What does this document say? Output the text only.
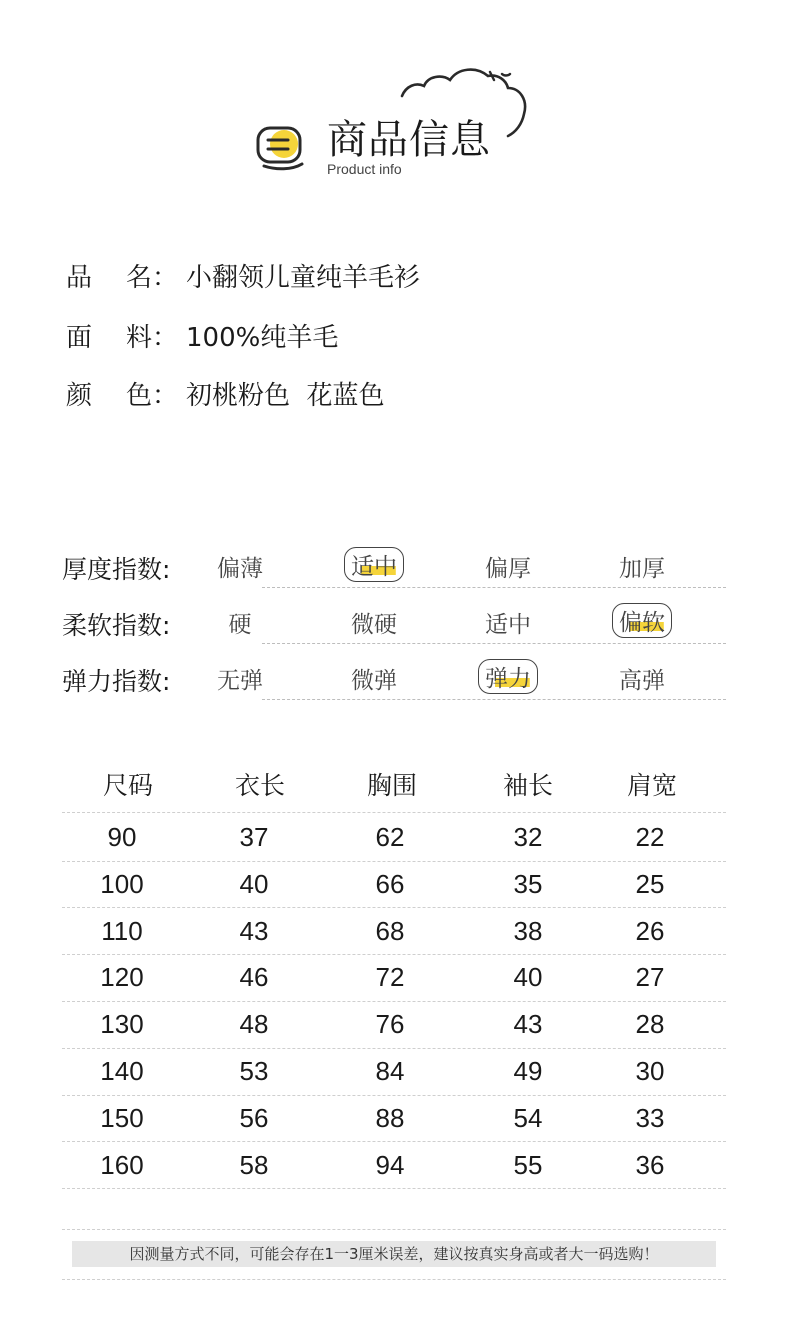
商品信息
Product info
品	名： 小翻领儿童纯羊毛衫
面	料： 100%纯羊毛
颜	色： 初桃粉色  花蓝色
厚度指数: 偏薄	适中	偏厚	加厚
柔软指数:	硬	微硬	适中	偏软
弹力指数: 无弹	微弹	弹力	高弹
尺码	衣长	胸围	袖长	肩宽
90	37	62	32	22
100	40	66	35	25
110	43	68	38	26
120	46	72	40	27
130	48	76	43	28
140	53	84	49	30
150	56	88	54	33
160	58	94	55	36
因测量方式不同，可能会存在1一3厘米误差，建议按真实身高或者大一码选购！
